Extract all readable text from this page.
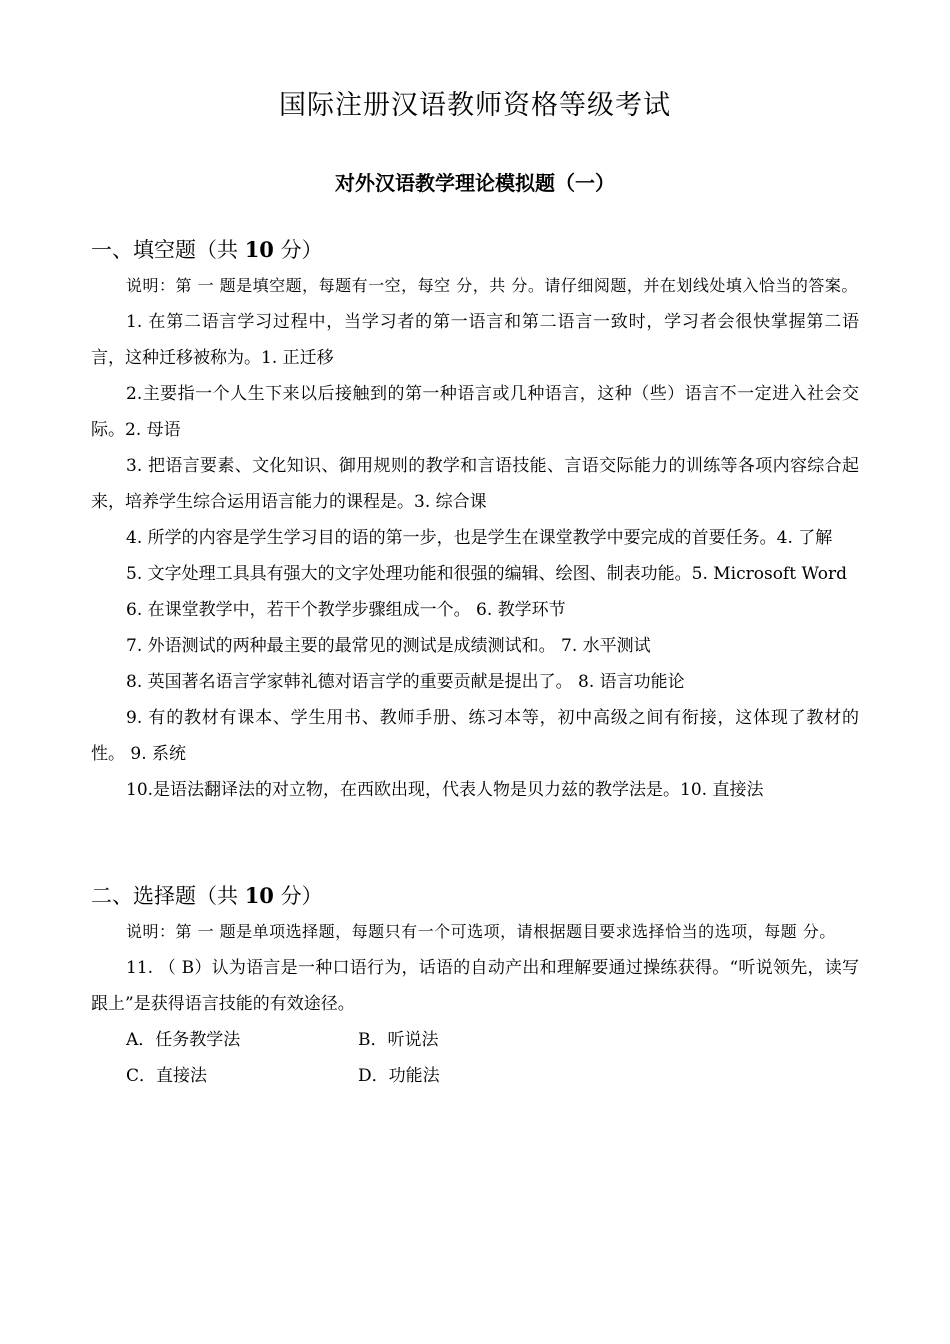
国际注册汉语教师资格等级考试
对外汉语教学理论模拟题（一）
一、填空题（共 10 分）

说明：第 一 题是填空题，每题有一空，每空 分，共 分。请仔细阅题，并在划线处填入恰当的答案。

1. 在第二语言学习过程中，当学习者的第一语言和第二语言一致时，学习者会很快掌握第二语言，这种迁移被称为。1. 正迁移

2.主要指一个人生下来以后接触到的第一种语言或几种语言，这种（些）语言不一定进入社会交际。2. 母语

3. 把语言要素、文化知识、御用规则的教学和言语技能、言语交际能力的训练等各项内容综合起来，培养学生综合运用语言能力的课程是。3. 综合课

4. 所学的内容是学生学习目的语的第一步，也是学生在课堂教学中要完成的首要任务。4. 了解

5. 文字处理工具具有强大的文字处理功能和很强的编辑、绘图、制表功能。5. Microsoft Word

6. 在课堂教学中，若干个教学步骤组成一个。 6. 教学环节

7. 外语测试的两种最主要的最常见的测试是成绩测试和。 7. 水平测试

8. 英国著名语言学家韩礼德对语言学的重要贡献是提出了。 8. 语言功能论

9. 有的教材有课本、学生用书、教师手册、练习本等，初中高级之间有衔接，这体现了教材的性。 9. 系统

10.是语法翻译法的对立物，在西欧出现，代表人物是贝力兹的教学法是。10. 直接法

二、选择题（共 10 分）

说明：第 一 题是单项选择题，每题只有一个可选项，请根据题目要求选择恰当的选项，每题 分。

11. （ B）认为语言是一种口语行为，话语的自动产出和理解要通过操练获得。“听说领先，读写跟上”是获得语言技能的有效途径。

A．任务教学法	B．听说法
C．直接法	D．功能法
